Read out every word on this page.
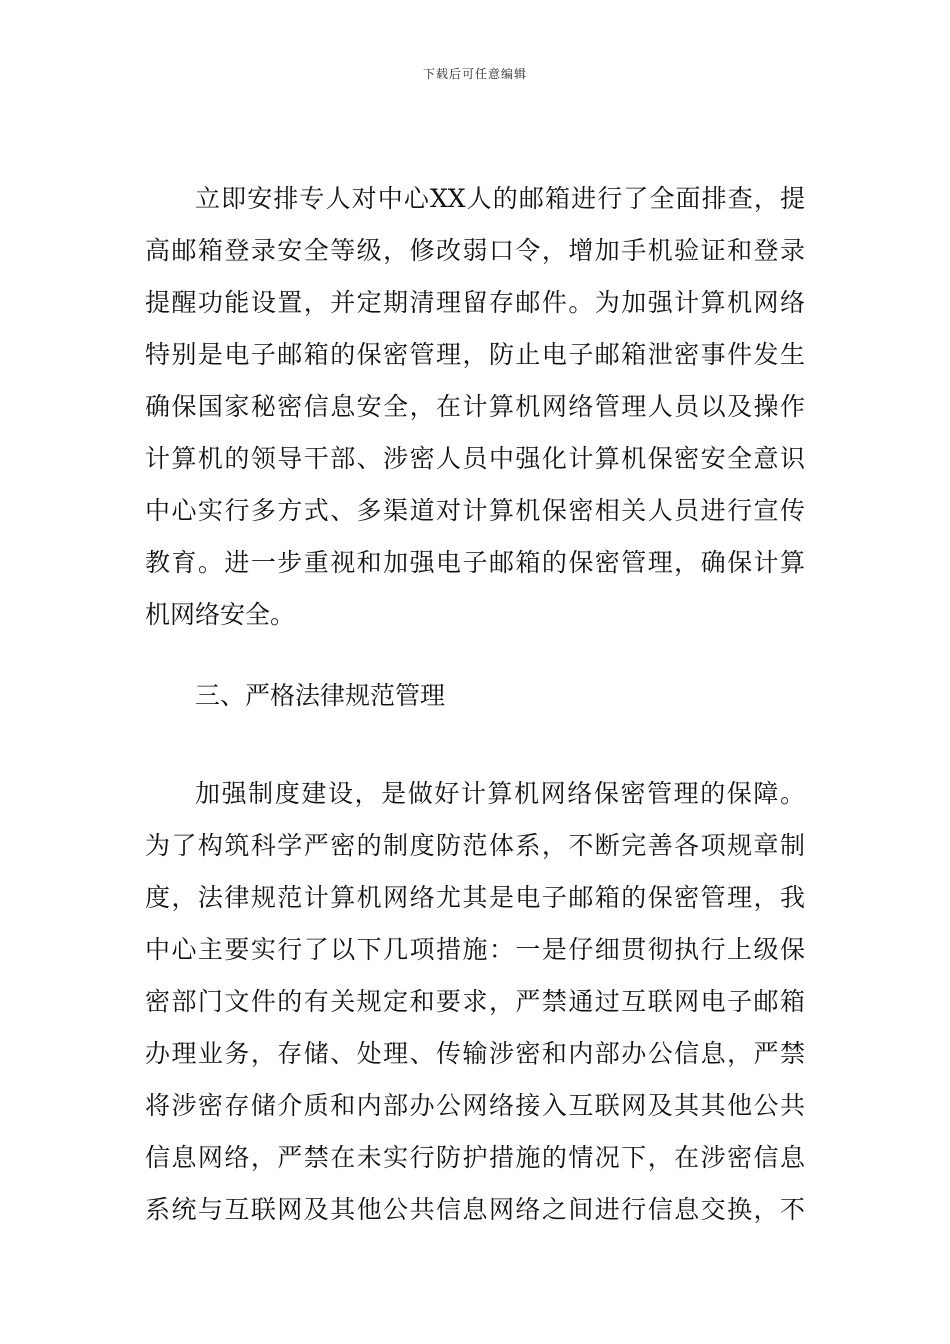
下载后可任意编辑
立即安排专人对中心XX人的邮箱进行了全面排查，提
高邮箱登录安全等级，修改弱口令，增加手机验证和登录
提醒功能设置，并定期清理留存邮件。为加强计算机网络
特别是电子邮箱的保密管理，防止电子邮箱泄密事件发生
确保国家秘密信息安全，在计算机网络管理人员以及操作
计算机的领导干部、涉密人员中强化计算机保密安全意识
中心实行多方式、多渠道对计算机保密相关人员进行宣传
教育。进一步重视和加强电子邮箱的保密管理，确保计算
机网络安全。
三、严格法律规范管理
加强制度建设，是做好计算机网络保密管理的保障。
为了构筑科学严密的制度防范体系，不断完善各项规章制
度，法律规范计算机网络尤其是电子邮箱的保密管理，我
中心主要实行了以下几项措施：一是仔细贯彻执行上级保
密部门文件的有关规定和要求，严禁通过互联网电子邮箱
办理业务，存储、处理、传输涉密和内部办公信息，严禁
将涉密存储介质和内部办公网络接入互联网及其其他公共
信息网络，严禁在未实行防护措施的情况下，在涉密信息
系统与互联网及其他公共信息网络之间进行信息交换，不
